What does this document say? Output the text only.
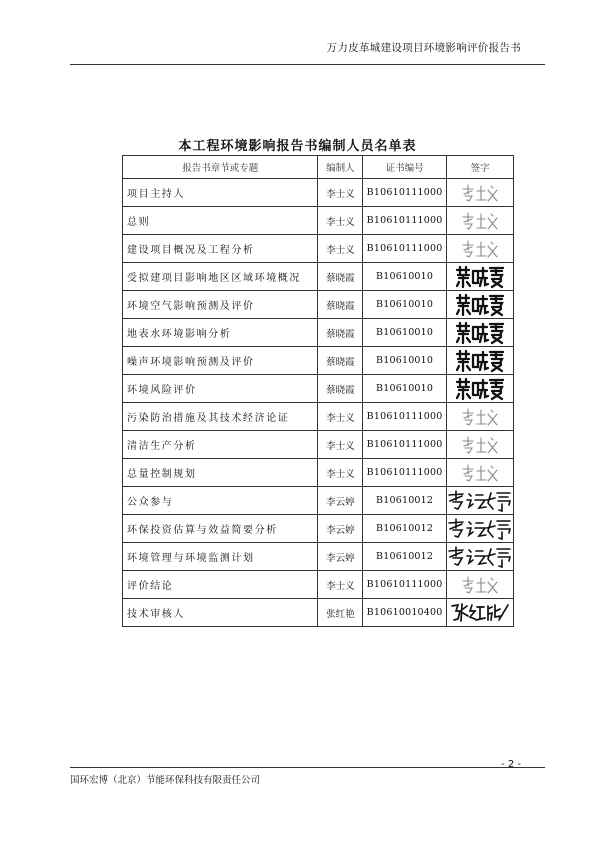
万力皮革城建设项目环境影响评价报告书
本工程环境影响报告书编制人员名单表
报告书章节或专题	编制人	证书编号	签字
项目主持人	李士义	B10610111000	

总则	李士义	B10610111000	

建设项目概况及工程分析	李士义	B10610111000	

受拟建项目影响地区区域环境概况	蔡晓霞	B10610010	

环境空气影响预测及评价	蔡晓霞	B10610010	

地表水环境影响分析	蔡晓霞	B10610010	

噪声环境影响预测及评价	蔡晓霞	B10610010	

环境风险评价	蔡晓霞	B10610010	

污染防治措施及其技术经济论证	李士义	B10610111000	

清洁生产分析	李士义	B10610111000	

总量控制规划	李士义	B10610111000	

公众参与	李云婷	B10610012	

环保投资估算与效益简要分析	李云婷	B10610012	

环境管理与环境监测计划	李云婷	B10610012	

评价结论	李士义	B10610111000	

技术审核人	张红艳	B10610010400	
- 2 -
国环宏博（北京）节能环保科技有限责任公司
